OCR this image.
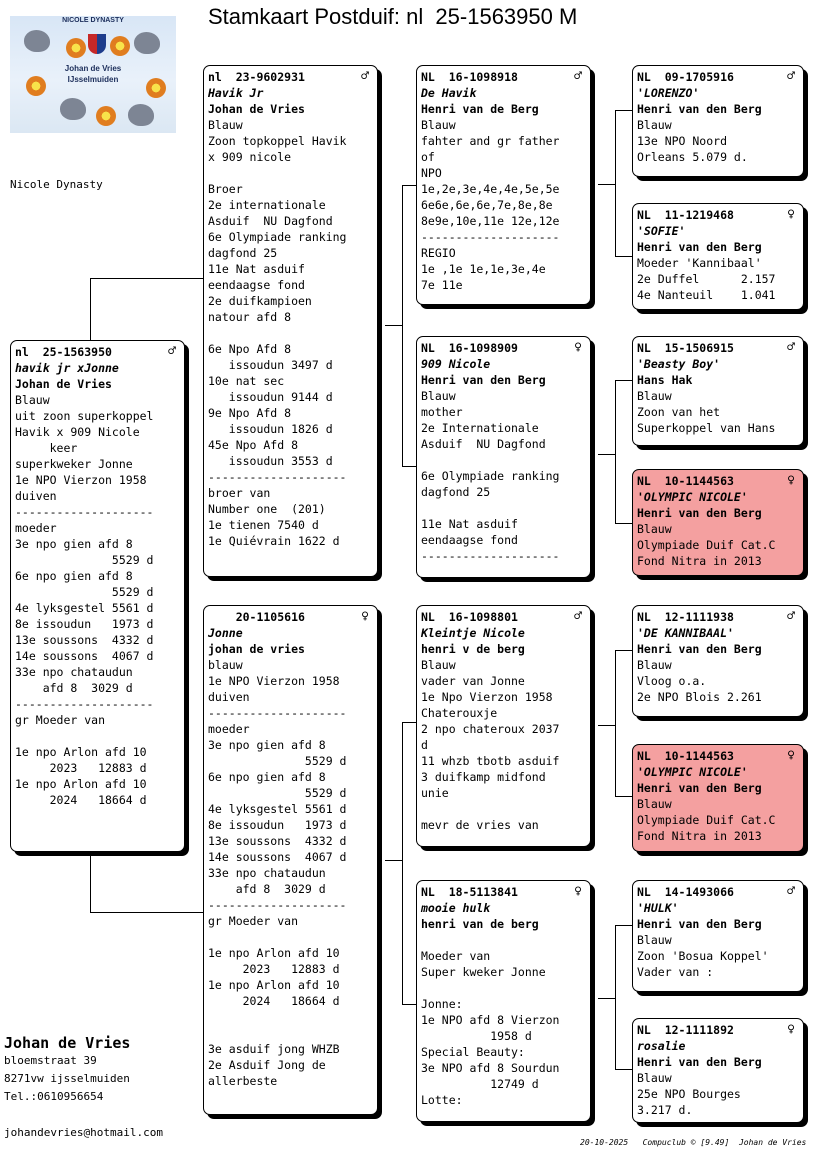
Stamkaart Postduif: nl  25-1563950 M
NICOLE DYNASTY
Johan de Vries
IJsselmuiden
Nicole Dynasty
nl  25-1563950	♂
havik jr xJonne
Johan de Vries
Blauw
uit zoon superkoppel
Havik x 909 Nicole
keer
superkweker Jonne
1e NPO Vierzon 1958
duiven
--------------------
moeder
3e npo gien afd 8
5529 d
6e npo gien afd 8
5529 d
4e lyksgestel 5561 d
8e issoudun   1973 d
13e soussons  4332 d
14e soussons  4067 d
33e npo chataudun
afd 8  3029 d
--------------------
gr Moeder van

1e npo Arlon afd 10
2023   12883 d
1e npo Arlon afd 10
2024   18664 d
nl  23-9602931	♂
Havik Jr
Johan de Vries
Blauw
Zoon topkoppel Havik
x 909 nicole

Broer
2e internationale
Asduif  NU Dagfond
6e Olympiade ranking
dagfond 25
11e Nat asduif
eendaagse fond
2e duifkampioen
natour afd 8

6e Npo Afd 8
issoudun 3497 d
10e nat sec
issoudun 9144 d
9e Npo Afd 8
issoudun 1826 d
45e Npo Afd 8
issoudun 3553 d
--------------------
broer van
Number one  (201)
1e tienen 7540 d
1e Quiévrain 1622 d
20-1105616	♀
Jonne
johan de vries
blauw
1e NPO Vierzon 1958
duiven
--------------------
moeder
3e npo gien afd 8
5529 d
6e npo gien afd 8
5529 d
4e lyksgestel 5561 d
8e issoudun   1973 d
13e soussons  4332 d
14e soussons  4067 d
33e npo chataudun
afd 8  3029 d
--------------------
gr Moeder van

1e npo Arlon afd 10
2023   12883 d
1e npo Arlon afd 10
2024   18664 d

3e asduif jong WHZB
2e Asduif Jong de
allerbeste
NL  16-1098918	♂
De Havik
Henri van de Berg
Blauw
fahter and gr father
of
NPO
1e,2e,3e,4e,4e,5e,5e
6e6e,6e,6e,7e,8e,8e
8e9e,10e,11e 12e,12e
--------------------
REGIO
1e ,1e 1e,1e,3e,4e
7e 11e
NL  16-1098909	♀
909 Nicole
Henri van den Berg
Blauw
mother
2e Internationale
Asduif  NU Dagfond

6e Olympiade ranking
dagfond 25

11e Nat asduif
eendaagse fond
--------------------
NL  16-1098801	♂
Kleintje Nicole
henri v de berg
Blauw
vader van Jonne
1e Npo Vierzon 1958
Chaterouxje
2 npo chateroux 2037
d
11 whzb tbotb asduif
3 duifkamp midfond
unie

mevr de vries van
NL  18-5113841	♀
mooie hulk
henri van de berg

Moeder van
Super kweker Jonne

Jonne:
1e NPO afd 8 Vierzon
1958 d
Special Beauty:
3e NPO afd 8 Sourdun
12749 d
Lotte:
NL  09-1705916	♂
'LORENZO'
Henri van den Berg
Blauw
13e NPO Noord
Orleans 5.079 d.
NL  11-1219468	♀
'SOFIE'
Henri van den Berg
Moeder 'Kannibaal'
2e Duffel      2.157
4e Nanteuil    1.041
NL  15-1506915	♂
'Beasty Boy'
Hans Hak
Blauw
Zoon van het
Superkoppel van Hans
NL  10-1144563	♀
'OLYMPIC NICOLE'
Henri van den Berg
Blauw
Olympiade Duif Cat.C
Fond Nitra in 2013
NL  12-1111938	♂
'DE KANNIBAAL'
Henri van den Berg
Blauw
Vloog o.a.
2e NPO Blois 2.261
NL  10-1144563	♀
'OLYMPIC NICOLE'
Henri van den Berg
Blauw
Olympiade Duif Cat.C
Fond Nitra in 2013
NL  14-1493066	♂
'HULK'
Henri van den Berg
Blauw
Zoon 'Bosua Koppel'
Vader van :
NL  12-1111892	♀
rosalie
Henri van den Berg
Blauw
25e NPO Bourges
3.217 d.
Johan de Vries
bloemstraat 39
8271vw ijsselmuiden
Tel.:0610956654
johandevries@hotmail.com
20-10-2025   Compuclub © [9.49]  Johan de Vries
